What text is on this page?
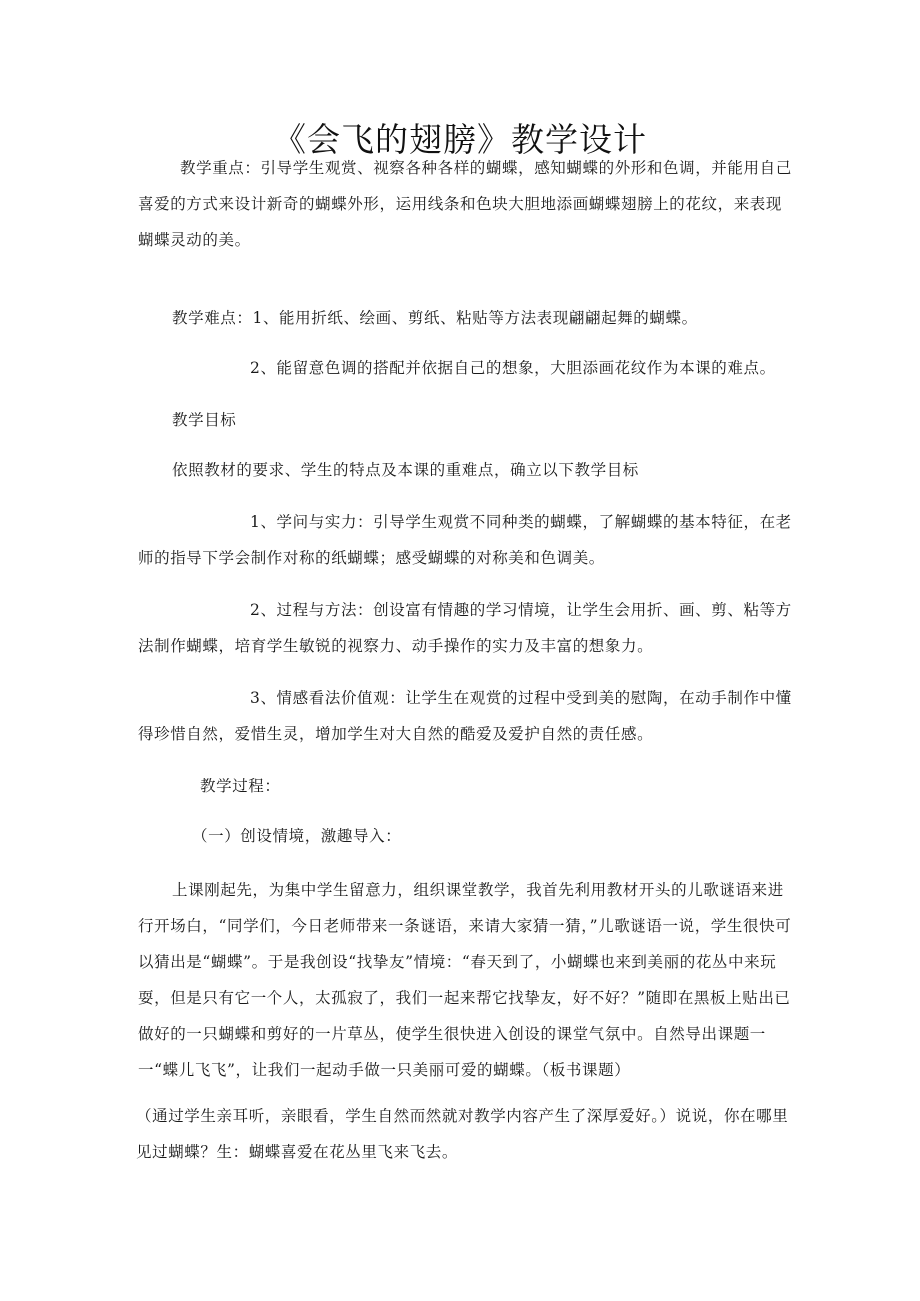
《会飞的翅膀》教学设计

教学重点：引导学生观赏、视察各种各样的蝴蝶，感知蝴蝶的外形和色调，并能用自己喜爱的方式来设计新奇的蝴蝶外形，运用线条和色块大胆地添画蝴蝶翅膀上的花纹，来表现蝴蝶灵动的美。

教学难点：1、能用折纸、绘画、剪纸、粘贴等方法表现翩翩起舞的蝴蝶。

2、能留意色调的搭配并依据自己的想象，大胆添画花纹作为本课的难点。

教学目标

依照教材的要求、学生的特点及本课的重难点，确立以下教学目标

1、学问与实力：引导学生观赏不同种类的蝴蝶，了解蝴蝶的基本特征，在老师的指导下学会制作对称的纸蝴蝶；感受蝴蝶的对称美和色调美。

2、过程与方法：创设富有情趣的学习情境，让学生会用折、画、剪、粘等方法制作蝴蝶，培育学生敏锐的视察力、动手操作的实力及丰富的想象力。

3、情感看法价值观：让学生在观赏的过程中受到美的慰陶，在动手制作中懂得珍惜自然，爱惜生灵，增加学生对大自然的酷爱及爱护自然的责任感。

教学过程：

（一）创设情境，激趣导入：

上课刚起先，为集中学生留意力，组织课堂教学，我首先利用教材开头的儿歌谜语来进行开场白，“同学们，今日老师带来一条谜语，来请大家猜一猜，”儿歌谜语一说，学生很快可以猜出是“蝴蝶”。于是我创设“找挚友”情境：“春天到了，小蝴蝶也来到美丽的花丛中来玩耍，但是只有它一个人，太孤寂了，我们一起来帮它找挚友，好不好？”随即在黑板上贴出已做好的一只蝴蝶和剪好的一片草丛，使学生很快进入创设的课堂气氛中。自然导出课题一一“蝶儿飞飞”，让我们一起动手做一只美丽可爱的蝴蝶。（板书课题）

（通过学生亲耳听，亲眼看，学生自然而然就对教学内容产生了深厚爱好。）说说，你在哪里见过蝴蝶？生：蝴蝶喜爱在花丛里飞来飞去。
